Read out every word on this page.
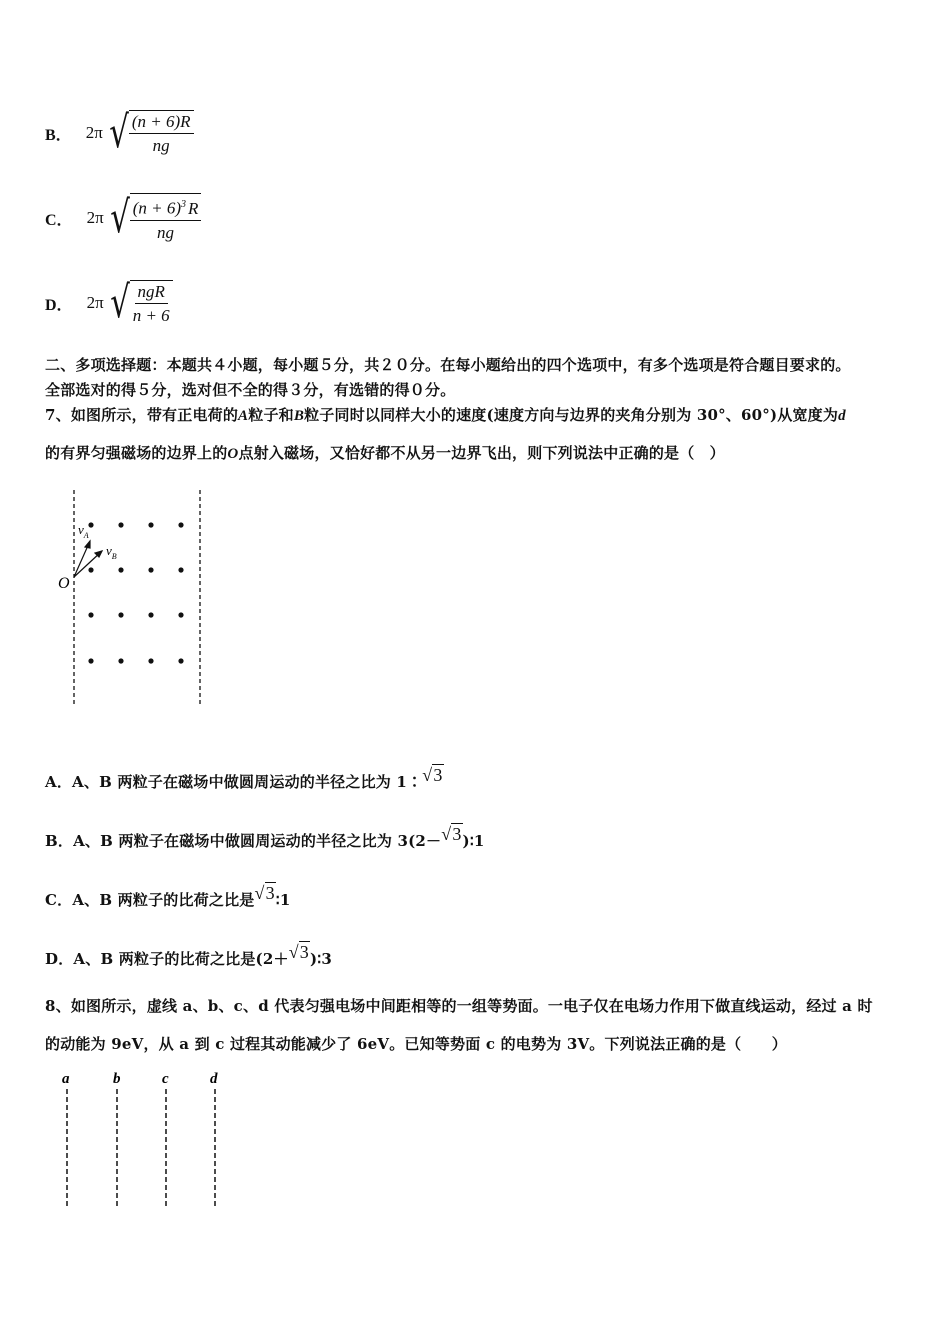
B． 2π √ $\frac{(n + 6)R}{ng}$
C． 2π √ $\frac{(n + 6)^3 R}{ng}$
D． 2π √ $\frac{\text{ngR}}{n + 6}$
二、多项选择题：本题共４小题，每小题５分，共２０分。在每小题给出的四个选项中，有多个选项是符合题目要求的。
全部选对的得５分，选对但不全的得３分，有选错的得０分。
7、如图所示，带有正电荷的A粒子和B粒子同时以同样大小的速度(速度方向与边界的夹角分别为 30°、60°)从宽度为d
的有界匀强磁场的边界上的O点射入磁场，又恰好都不从另一边界飞出，则下列说法中正确的是（　）
O
$v_A$
$v_B$
A．A、B 两粒子在磁场中做圆周运动的半径之比为 1∶√3
B．A、B 两粒子在磁场中做圆周运动的半径之比为 3(2－√3)∶1
C．A、B 两粒子的比荷之比是√3∶1
D．A、B 两粒子的比荷之比是(2＋√3)∶3
8、如图所示，虚线 a、b、c、d 代表匀强电场中间距相等的一组等势面。一电子仅在电场力作用下做直线运动，经过 a 时
的动能为 9eV，从 a 到 c 过程其动能减少了 6eV。已知等势面 c 的电势为 3V。下列说法正确的是（　　）
a	b	c	d
